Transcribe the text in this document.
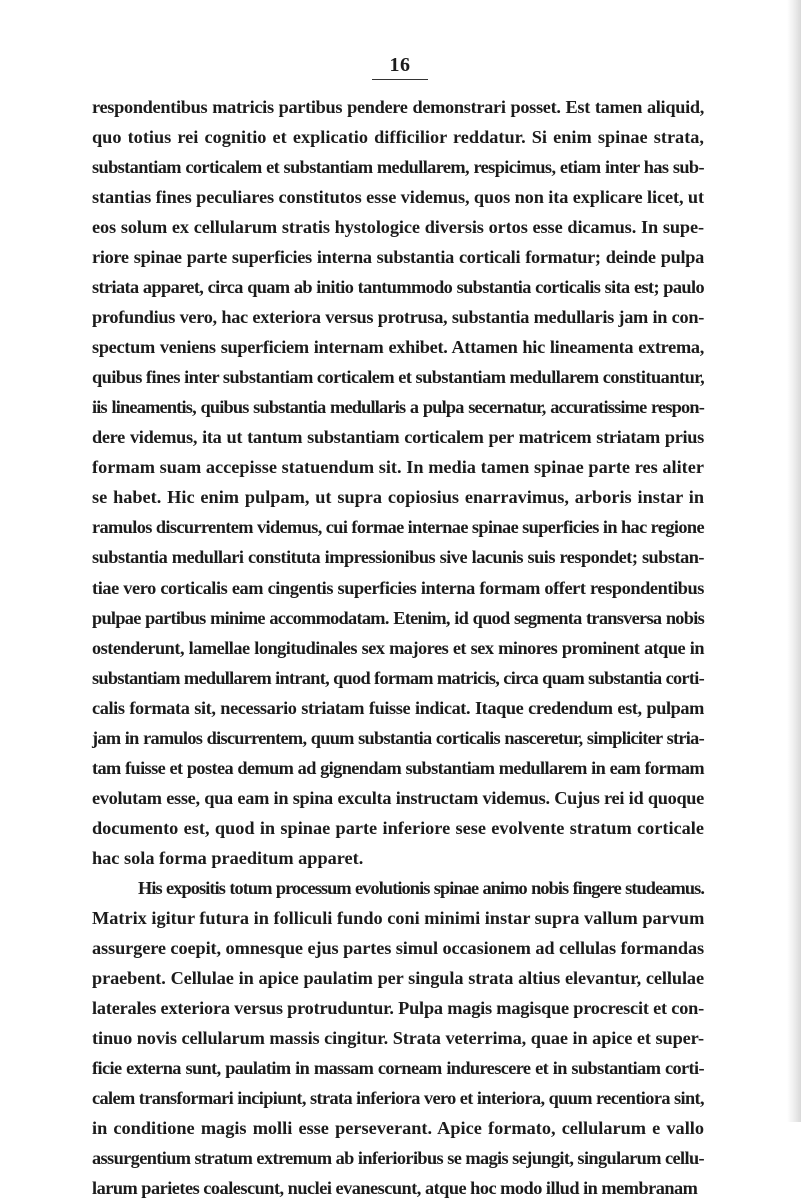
16
respondentibus matricis partibus pendere demonstrari posset. Est tamen aliquid,
quo totius rei cognitio et explicatio difficilior reddatur. Si enim spinae strata,
substantiam corticalem et substantiam medullarem, respicimus, etiam inter has sub-
stantias fines peculiares constitutos esse videmus, quos non ita explicare licet, ut
eos solum ex cellularum stratis hystologice diversis ortos esse dicamus. In supe-
riore spinae parte superficies interna substantia corticali formatur; deinde pulpa
striata apparet, circa quam ab initio tantummodo substantia corticalis sita est; paulo
profundius vero, hac exteriora versus protrusa, substantia medullaris jam in con-
spectum veniens superficiem internam exhibet. Attamen hic lineamenta extrema,
quibus fines inter substantiam corticalem et substantiam medullarem constituantur,
iis lineamentis, quibus substantia medullaris a pulpa secernatur, accuratissime respon-
dere videmus, ita ut tantum substantiam corticalem per matricem striatam prius
formam suam accepisse statuendum sit. In media tamen spinae parte res aliter
se habet. Hic enim pulpam, ut supra copiosius enarravimus, arboris instar in
ramulos discurrentem videmus, cui formae internae spinae superficies in hac regione
substantia medullari constituta impressionibus sive lacunis suis respondet; substan-
tiae vero corticalis eam cingentis superficies interna formam offert respondentibus
pulpae partibus minime accommodatam. Etenim, id quod segmenta transversa nobis
ostenderunt, lamellae longitudinales sex majores et sex minores prominent atque in
substantiam medullarem intrant, quod formam matricis, circa quam substantia corti-
calis formata sit, necessario striatam fuisse indicat. Itaque credendum est, pulpam
jam in ramulos discurrentem, quum substantia corticalis nasceretur, simpliciter stria-
tam fuisse et postea demum ad gignendam substantiam medullarem in eam formam
evolutam esse, qua eam in spina exculta instructam videmus. Cujus rei id quoque
documento est, quod in spinae parte inferiore sese evolvente stratum corticale
hac sola forma praeditum apparet.
His expositis totum processum evolutionis spinae animo nobis fingere studeamus.
Matrix igitur futura in folliculi fundo coni minimi instar supra vallum parvum
assurgere coepit, omnesque ejus partes simul occasionem ad cellulas formandas
praebent. Cellulae in apice paulatim per singula strata altius elevantur, cellulae
laterales exteriora versus protruduntur. Pulpa magis magisque procrescit et con-
tinuo novis cellularum massis cingitur. Strata veterrima, quae in apice et super-
ficie externa sunt, paulatim in massam corneam indurescere et in substantiam corti-
calem transformari incipiunt, strata inferiora vero et interiora, quum recentiora sint,
in conditione magis molli esse perseverant. Apice formato, cellularum e vallo
assurgentium stratum extremum ab inferioribus se magis sejungit, singularum cellu-
larum parietes coalescunt, nuclei evanescunt, atque hoc modo illud in membranam
